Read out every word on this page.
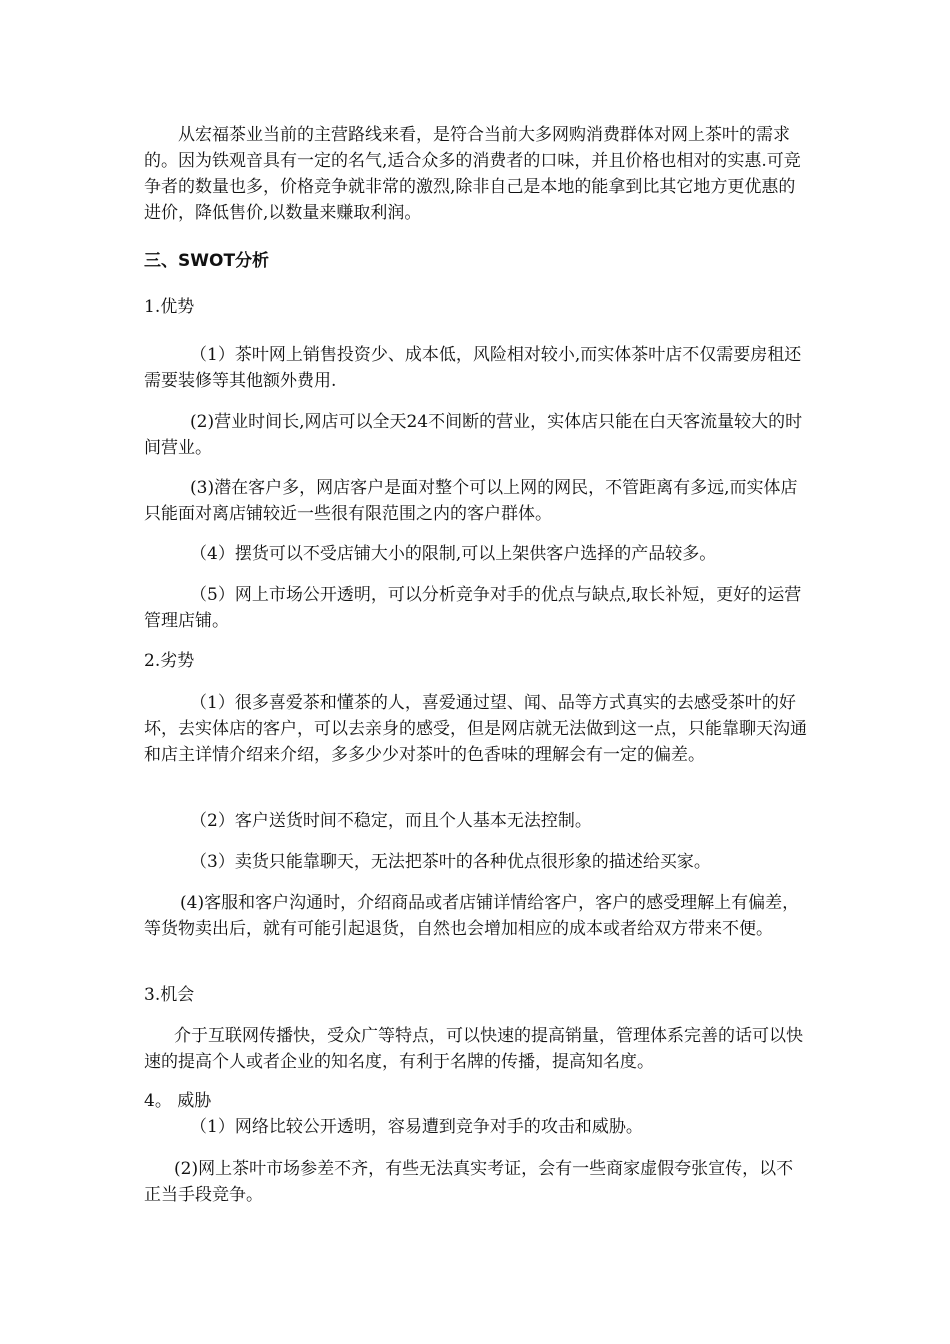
从宏福茶业当前的主营路线来看，是符合当前大多网购消费群体对网上茶叶的需求的。因为铁观音具有一定的名气,适合众多的消费者的口味，并且价格也相对的实惠.可竞争者的数量也多，价格竞争就非常的激烈,除非自己是本地的能拿到比其它地方更优惠的进价，降低售价,以数量来赚取利润。

三、SWOT分析

1.优势

（1）茶叶网上销售投资少、成本低，风险相对较小,而实体茶叶店不仅需要房租还需要装修等其他额外费用.

(2)营业时间长,网店可以全天24不间断的营业，实体店只能在白天客流量较大的时间营业。

(3)潜在客户多，网店客户是面对整个可以上网的网民，不管距离有多远,而实体店只能面对离店铺较近一些很有限范围之内的客户群体。

（4）摆货可以不受店铺大小的限制,可以上架供客户选择的产品较多。

（5）网上市场公开透明，可以分析竞争对手的优点与缺点,取长补短，更好的运营管理店铺。

2.劣势

（1）很多喜爱茶和懂茶的人，喜爱通过望、闻、品等方式真实的去感受茶叶的好坏，去实体店的客户，可以去亲身的感受，但是网店就无法做到这一点，只能靠聊天沟通和店主详情介绍来介绍，多多少少对茶叶的色香味的理解会有一定的偏差。

（2）客户送货时间不稳定，而且个人基本无法控制。

（3）卖货只能靠聊天，无法把茶叶的各种优点很形象的描述给买家。

(4)客服和客户沟通时，介绍商品或者店铺详情给客户，客户的感受理解上有偏差，等货物卖出后，就有可能引起退货，自然也会增加相应的成本或者给双方带来不便。

3.机会

介于互联网传播快，受众广等特点，可以快速的提高销量，管理体系完善的话可以快速的提高个人或者企业的知名度，有利于名牌的传播，提高知名度。

4。 威胁

（1）网络比较公开透明，容易遭到竞争对手的攻击和威胁。

(2)网上茶叶市场参差不齐，有些无法真实考证，会有一些商家虚假夸张宣传，以不正当手段竞争。
